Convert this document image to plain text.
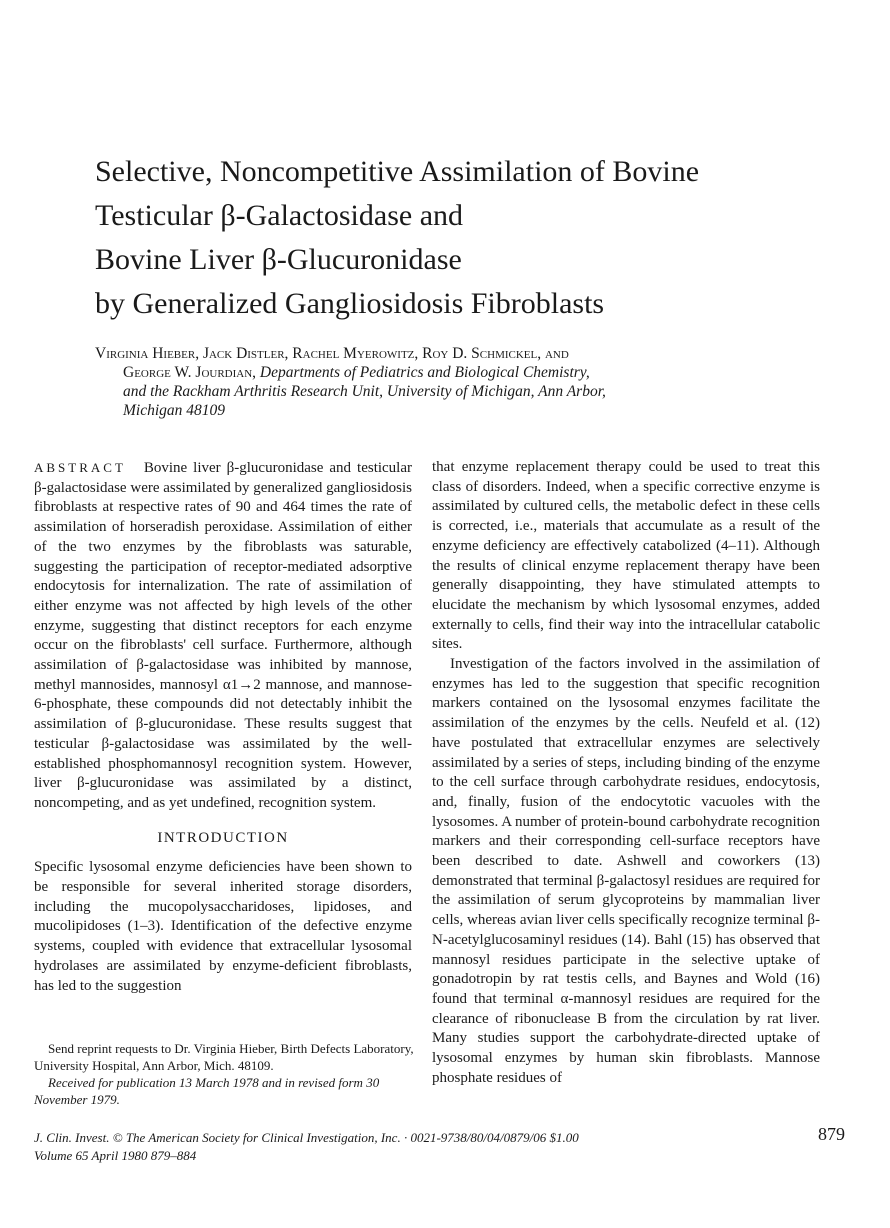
Selective, Noncompetitive Assimilation of Bovine
Testicular β-Galactosidase and
Bovine Liver β-Glucuronidase
by Generalized Gangliosidosis Fibroblasts
Virginia Hieber, Jack Distler, Rachel Myerowitz, Roy D. Schmickel, and
George W. Jourdian, Departments of Pediatrics and Biological Chemistry,
and the Rackham Arthritis Research Unit, University of Michigan, Ann Arbor,
Michigan 48109

ABSTRACT Bovine liver β-glucuronidase and testicular β-galactosidase were assimilated by generalized gangliosidosis fibroblasts at respective rates of 90 and 464 times the rate of assimilation of horseradish peroxidase. Assimilation of either of the two enzymes by the fibroblasts was saturable, suggesting the participation of receptor-mediated adsorptive endocytosis for internalization. The rate of assimilation of either enzyme was not affected by high levels of the other enzyme, suggesting that distinct receptors for each enzyme occur on the fibroblasts' cell surface. Furthermore, although assimilation of β-galactosidase was inhibited by mannose, methyl mannosides, mannosyl α1→2 mannose, and mannose-6-phosphate, these compounds did not detectably inhibit the assimilation of β-glucuronidase. These results suggest that testicular β-galactosidase was assimilated by the well-established phosphomannosyl recognition system. However, liver β-glucuronidase was assimilated by a distinct, noncompeting, and as yet undefined, recognition system.

INTRODUCTION

Specific lysosomal enzyme deficiencies have been shown to be responsible for several inherited storage disorders, including the mucopolysaccharidoses, lipidoses, and mucolipidoses (1–3). Identification of the defective enzyme systems, coupled with evidence that extracellular lysosomal hydrolases are assimilated by enzyme-deficient fibroblasts, has led to the suggestion

that enzyme replacement therapy could be used to treat this class of disorders. Indeed, when a specific corrective enzyme is assimilated by cultured cells, the metabolic defect in these cells is corrected, i.e., materials that accumulate as a result of the enzyme deficiency are effectively catabolized (4–11). Although the results of clinical enzyme replacement therapy have been generally disappointing, they have stimulated attempts to elucidate the mechanism by which lysosomal enzymes, added externally to cells, find their way into the intracellular catabolic sites.

Investigation of the factors involved in the assimilation of enzymes has led to the suggestion that specific recognition markers contained on the lysosomal enzymes facilitate the assimilation of the enzymes by the cells. Neufeld et al. (12) have postulated that extracellular enzymes are selectively assimilated by a series of steps, including binding of the enzyme to the cell surface through carbohydrate residues, endocytosis, and, finally, fusion of the endocytotic vacuoles with the lysosomes. A number of protein-bound carbohydrate recognition markers and their corresponding cell-surface receptors have been described to date. Ashwell and coworkers (13) demonstrated that terminal β-galactosyl residues are required for the assimilation of serum glycoproteins by mammalian liver cells, whereas avian liver cells specifically recognize terminal β-N-acetylglucosaminyl residues (14). Bahl (15) has observed that mannosyl residues participate in the selective uptake of gonadotropin by rat testis cells, and Baynes and Wold (16) found that terminal α-mannosyl residues are required for the clearance of ribonuclease B from the circulation by rat liver. Many studies support the carbohydrate-directed uptake of lysosomal enzymes by human skin fibroblasts. Mannose phosphate residues of

Send reprint requests to Dr. Virginia Hieber, Birth Defects Laboratory, University Hospital, Ann Arbor, Mich. 48109.

Received for publication 13 March 1978 and in revised form 30 November 1979.

J. Clin. Invest. © The American Society for Clinical Investigation, Inc. · 0021-9738/80/04/0879/06 $1.00
Volume 65 April 1980 879–884
879
